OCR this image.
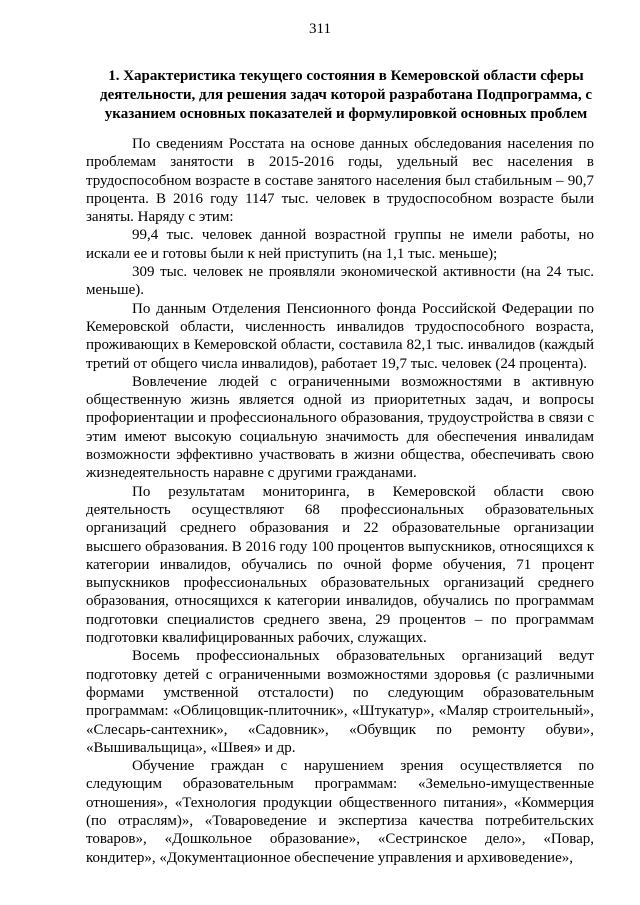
311
1. Характеристика текущего состояния в Кемеровской области сферы деятельности, для решения задач которой разработана Подпрограмма, с указанием основных показателей и формулировкой основных проблем

По сведениям Росстата на основе данных обследования населения по проблемам занятости в 2015-2016 годы, удельный вес населения в трудоспособном возрасте в составе занятого населения был стабильным – 90,7 процента. В 2016 году 1147 тыс. человек в трудоспособном возрасте были заняты. Наряду с этим:

99,4 тыс. человек данной возрастной группы не имели работы, но искали ее и готовы были к ней приступить (на 1,1 тыс. меньше);

309 тыс. человек не проявляли экономической активности (на 24 тыс. меньше).

По данным Отделения Пенсионного фонда Российской Федерации по Кемеровской области, численность инвалидов трудоспособного возраста, проживающих в Кемеровской области, составила 82,1 тыс. инвалидов (каждый третий от общего числа инвалидов), работает 19,7 тыс. человек (24 процента).

Вовлечение людей с ограниченными возможностями в активную общественную жизнь является одной из приоритетных задач, и вопросы профориентации и профессионального образования, трудоустройства в связи с этим имеют высокую социальную значимость для обеспечения инвалидам возможности эффективно участвовать в жизни общества, обеспечивать свою жизнедеятельность наравне с другими гражданами.

По результатам мониторинга, в Кемеровской области свою деятельность осуществляют 68 профессиональных образовательных организаций среднего образования и 22 образовательные организации высшего образования. В 2016 году 100 процентов выпускников, относящихся к категории инвалидов, обучались по очной форме обучения, 71 процент выпускников профессиональных образовательных организаций среднего образования, относящихся к категории инвалидов, обучались по программам подготовки специалистов среднего звена, 29 процентов – по программам подготовки квалифицированных рабочих, служащих.

Восемь профессиональных образовательных организаций ведут подготовку детей с ограниченными возможностями здоровья (с различными формами умственной отсталости) по следующим образовательным программам: «Облицовщик-плиточник», «Штукатур», «Маляр строительный», «Слесарь-сантехник», «Садовник», «Обувщик по ремонту обуви», «Вышивальщица», «Швея» и др.

Обучение граждан с нарушением зрения осуществляется по следующим образовательным программам: «Земельно-имущественные отношения», «Технология продукции общественного питания», «Коммерция (по отраслям)», «Товароведение и экспертиза качества потребительских товаров», «Дошкольное образование», «Сестринское дело», «Повар, кондитер», «Документационное обеспечение управления и архивоведение»,
